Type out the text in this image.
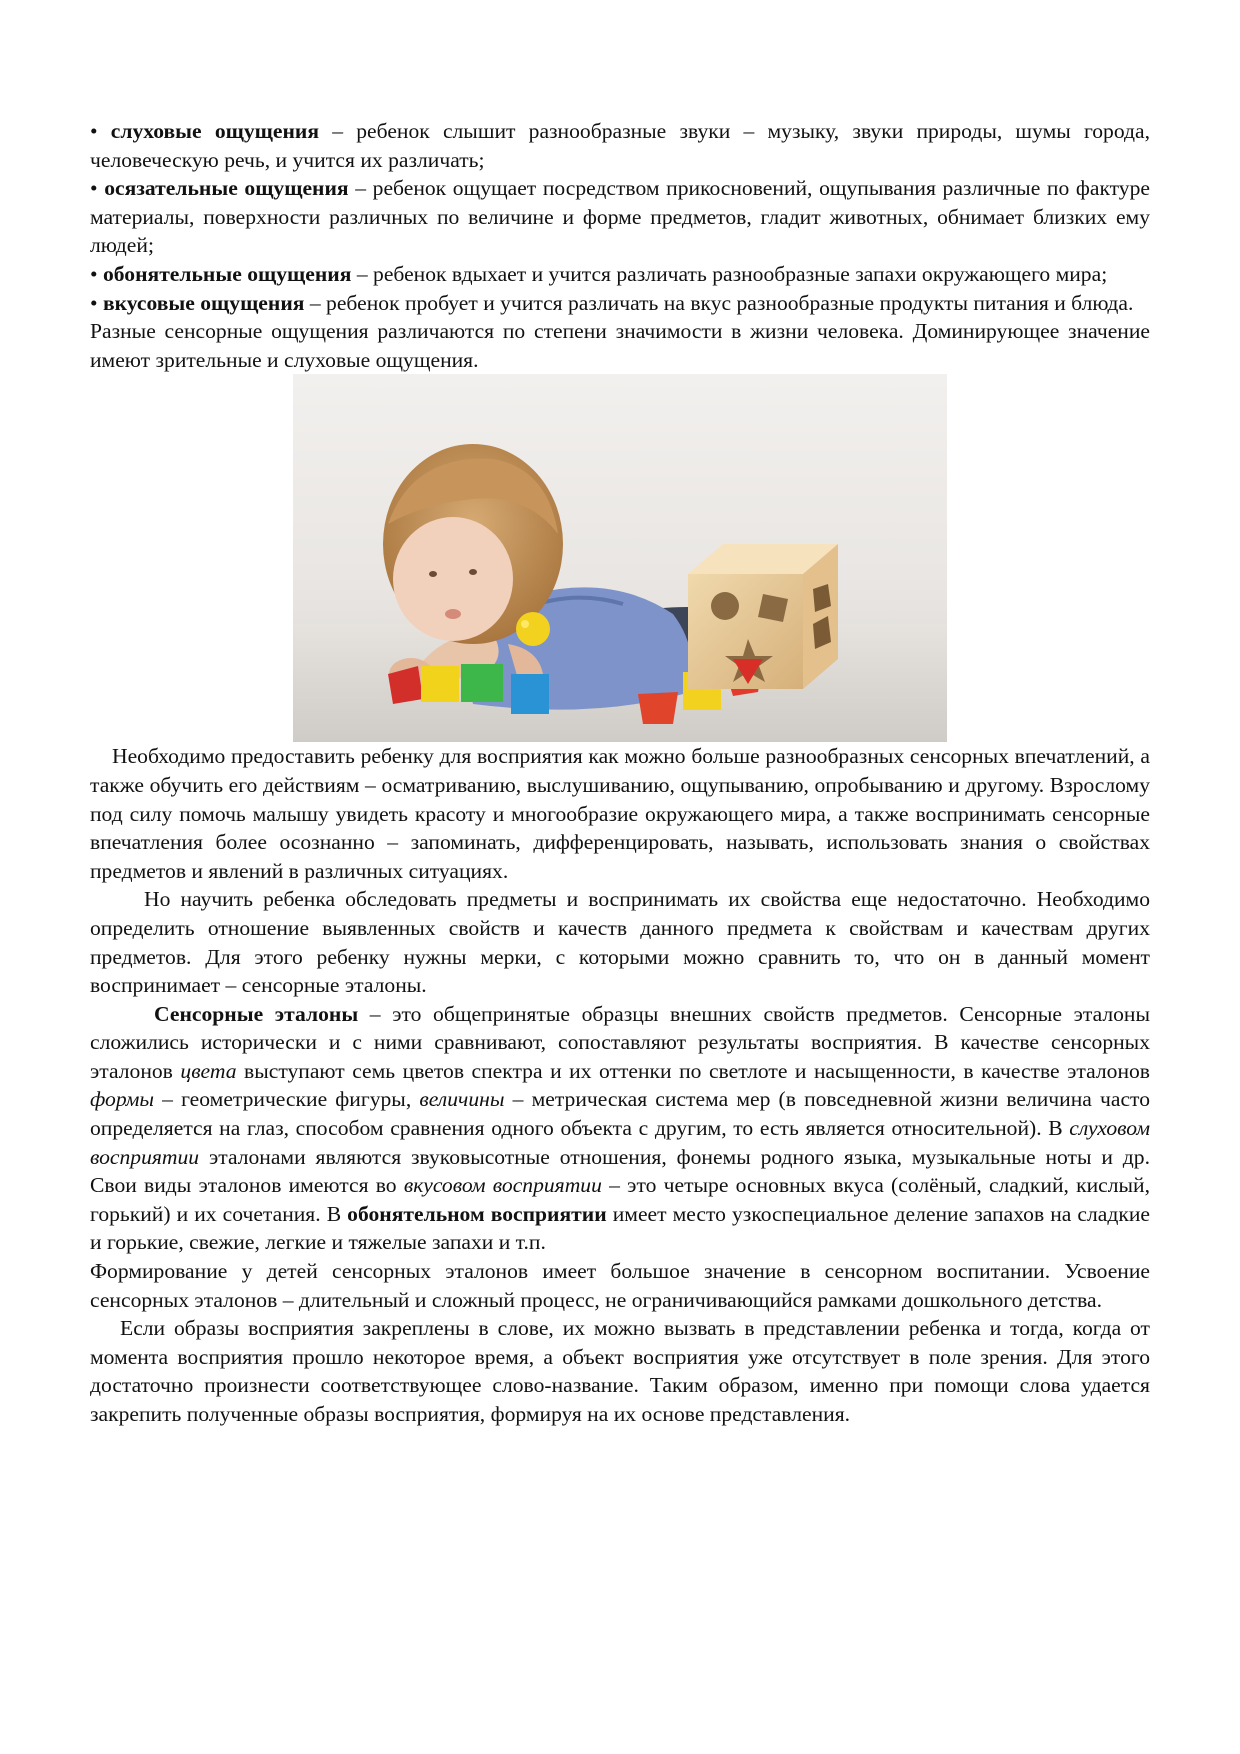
• слуховые ощущения – ребенок слышит разнообразные звуки – музыку, звуки природы, шумы города, человеческую речь, и учится их различать;

• осязательные ощущения – ребенок ощущает посредством прикосновений, ощупывания различные по фактуре материалы, поверхности различных по величине и форме предметов, гладит животных, обнимает близких ему людей;

• обонятельные ощущения – ребенок вдыхает и учится различать разнообразные запахи окружающего мира;

• вкусовые ощущения – ребенок пробует и учится различать на вкус разнообразные продукты питания и блюда.

Разные сенсорные ощущения различаются по степени значимости в жизни человека. Доминирующее значение имеют зрительные и слуховые ощущения.

Необходимо предоставить ребенку для восприятия как можно больше разнообразных сенсорных впечатлений, а также обучить его действиям – осматриванию, выслушиванию, ощупыванию, опробыванию и другому. Взрослому под силу помочь малышу увидеть красоту и многообразие окружающего мира, а также воспринимать сенсорные впечатления более осознанно – запоминать, дифференцировать, называть, использовать знания о свойствах предметов и явлений в различных ситуациях.

Но научить ребенка обследовать предметы и воспринимать их свойства еще недостаточно. Необходимо определить отношение выявленных свойств и качеств данного предмета к свойствам и качествам других предметов. Для этого ребенку нужны мерки, с которыми можно сравнить то, что он в данный момент воспринимает – сенсорные эталоны.

Сенсорные эталоны – это общепринятые образцы внешних свойств предметов. Сенсорные эталоны сложились исторически и с ними сравнивают, сопоставляют результаты восприятия. В качестве сенсорных эталонов цвета выступают семь цветов спектра и их оттенки по светлоте и насыщенности, в качестве эталонов формы – геометрические фигуры, величины – метрическая система мер (в повседневной жизни величина часто определяется на глаз, способом сравнения одного объекта с другим, то есть является относительной). В слуховом восприятии эталонами являются звуковысотные отношения, фонемы родного языка, музыкальные ноты и др. Свои виды эталонов имеются во вкусовом восприятии – это четыре основных вкуса (солёный, сладкий, кислый, горький) и их сочетания. В обонятельном восприятии имеет место узкоспециальное деление запахов на сладкие и горькие, свежие, легкие и тяжелые запахи и т.п.

Формирование у детей сенсорных эталонов имеет большое значение в сенсорном воспитании. Усвоение сенсорных эталонов – длительный и сложный процесс, не ограничивающийся рамками дошкольного детства.

Если образы восприятия закреплены в слове, их можно вызвать в представлении ребенка и тогда, когда от момента восприятия прошло некоторое время, а объект восприятия уже отсутствует в поле зрения. Для этого достаточно произнести соответствующее слово-название. Таким образом, именно при помощи слова удается закрепить полученные образы восприятия, формируя на их основе представления.
